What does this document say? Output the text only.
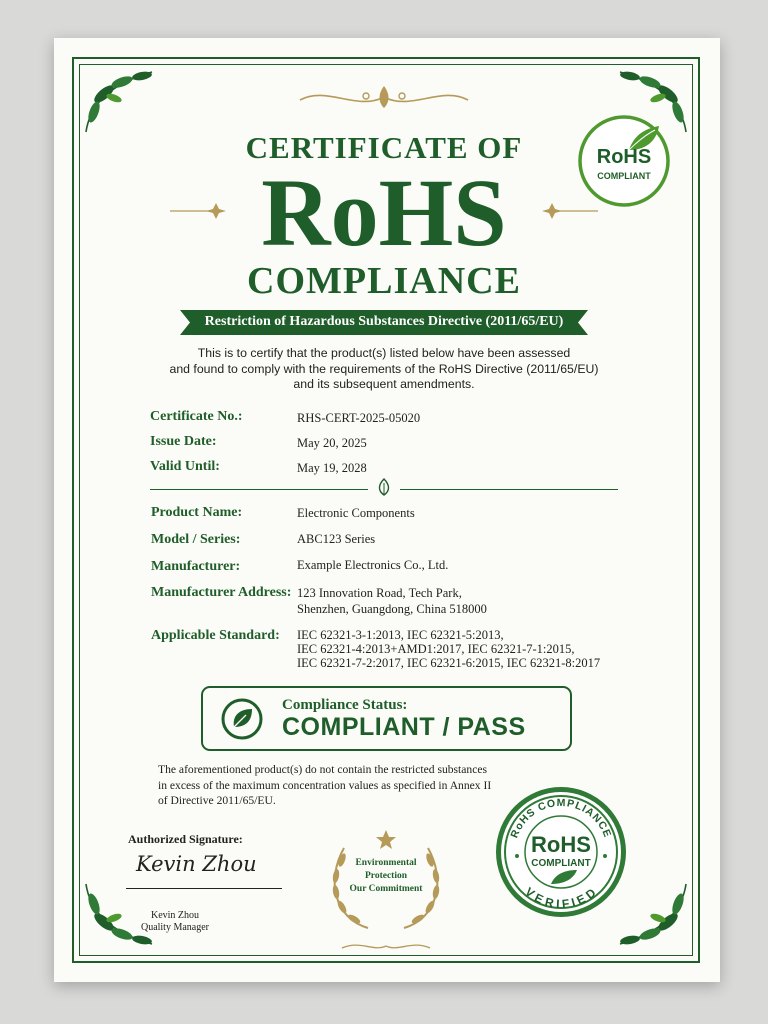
RoHS
COMPLIANT
CERTIFICATE OF
RoHS
COMPLIANCE
Restriction of Hazardous Substances Directive (2011/65/EU)
This is to certify that the product(s) listed below have been assessed
and found to comply with the requirements of the RoHS Directive (2011/65/EU)
and its subsequent amendments.
Certificate No.:	RHS-CERT-2025-05020
Issue Date:	May 20, 2025
Valid Until:	May 19, 2028
Product Name:	Electronic Components
Model / Series:	ABC123 Series
Manufacturer:	Example Electronics Co., Ltd.
Manufacturer Address: 123 Innovation Road, Tech Park,
Shenzhen, Guangdong, China 518000
Applicable Standard: IEC 62321-3-1:2013, IEC 62321-5:2013,
IEC 62321-4:2013+AMD1:2017, IEC 62321-7-1:2015,
IEC 62321-7-2:2017, IEC 62321-6:2015, IEC 62321-8:2017
Compliance Status:
COMPLIANT / PASS
The aforementioned product(s) do not contain the restricted substances
in excess of the maximum concentration values as specified in Annex II
of Directive 2011/65/EU.
Authorized Signature:
Kevin Zhou
Kevin Zhou
Quality Manager
Environmental
Protection
Our Commitment
RoHS COMPLIANCE
VERIFIED
RoHS
COMPLIANT
